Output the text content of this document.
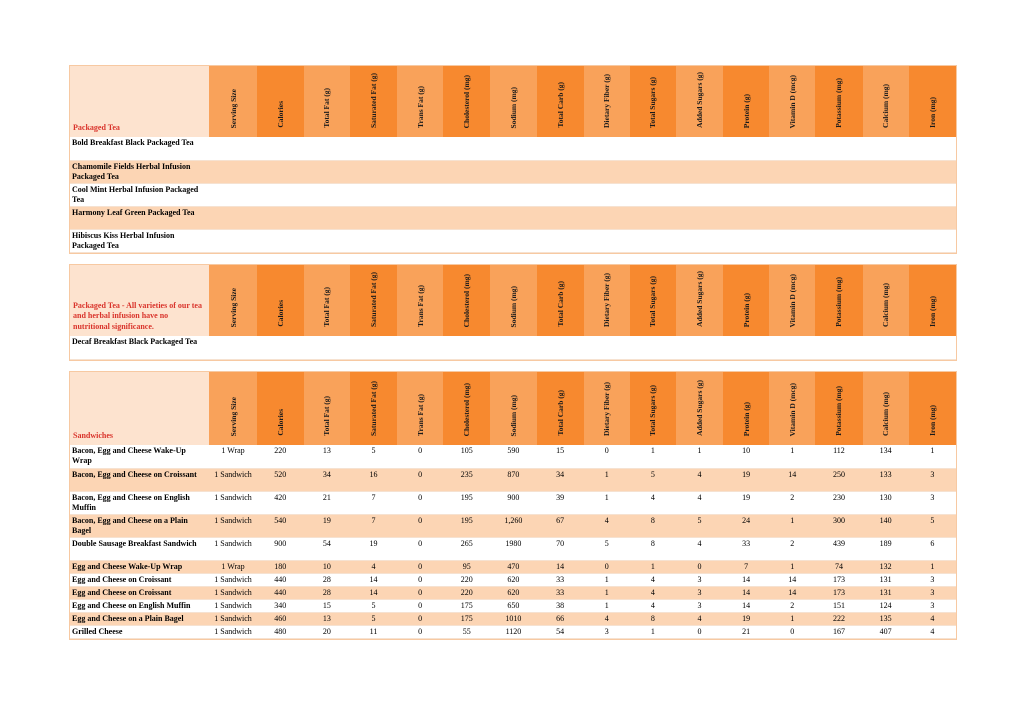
Packaged Tea	Serving Size	Calories	Total Fat (g)	Saturated Fat (g)	Trans Fat (g)	Cholesterol (mg)	Sodium (mg)	Total Carb (g)	Dietary Fiber (g)	Total Sugars (g)	Added Sugars (g)	Protein (g)	Vitamin D (mcg)	Potassium (mg)	Calcium (mg)	Iron (mg)
Bold Breakfast Black Packaged Tea																
Chamomile Fields Herbal Infusion Packaged Tea																
Cool Mint Herbal Infusion Packaged Tea																
Harmony Leaf Green Packaged Tea																
Hibiscus Kiss Herbal Infusion Packaged Tea																
Packaged Tea - All varieties of our tea and herbal infusion have no nutritional significance.	Serving Size	Calories	Total Fat (g)	Saturated Fat (g)	Trans Fat (g)	Cholesterol (mg)	Sodium (mg)	Total Carb (g)	Dietary Fiber (g)	Total Sugars (g)	Added Sugars (g)	Protein (g)	Vitamin D (mcg)	Potassium (mg)	Calcium (mg)	Iron (mg)
Decaf Breakfast Black Packaged Tea																
Sandwiches	Serving Size	Calories	Total Fat (g)	Saturated Fat (g)	Trans Fat (g)	Cholesterol (mg)	Sodium (mg)	Total Carb (g)	Dietary Fiber (g)	Total Sugars (g)	Added Sugars (g)	Protein (g)	Vitamin D (mcg)	Potassium (mg)	Calcium (mg)	Iron (mg)
Bacon, Egg and Cheese Wake-Up Wrap	1 Wrap	220	13	5	0	105	590	15	0	1	1	10	1	112	134	1
Bacon, Egg and Cheese on Croissant	1 Sandwich	520	34	16	0	235	870	34	1	5	4	19	14	250	133	3
Bacon, Egg and Cheese on English Muffin	1 Sandwich	420	21	7	0	195	900	39	1	4	4	19	2	230	130	3
Bacon, Egg and Cheese on a Plain Bagel	1 Sandwich	540	19	7	0	195	1,260	67	4	8	5	24	1	300	140	5
Double Sausage Breakfast Sandwich	1 Sandwich	900	54	19	0	265	1980	70	5	8	4	33	2	439	189	6
Egg and Cheese Wake-Up Wrap	1 Wrap	180	10	4	0	95	470	14	0	1	0	7	1	74	132	1
Egg and Cheese on Croissant	1 Sandwich	440	28	14	0	220	620	33	1	4	3	14	14	173	131	3
Egg and Cheese on Croissant	1 Sandwich	440	28	14	0	220	620	33	1	4	3	14	14	173	131	3
Egg and Cheese on English Muffin	1 Sandwich	340	15	5	0	175	650	38	1	4	3	14	2	151	124	3
Egg and Cheese on a Plain Bagel	1 Sandwich	460	13	5	0	175	1010	66	4	8	4	19	1	222	135	4
Grilled Cheese	1 Sandwich	480	20	11	0	55	1120	54	3	1	0	21	0	167	407	4
